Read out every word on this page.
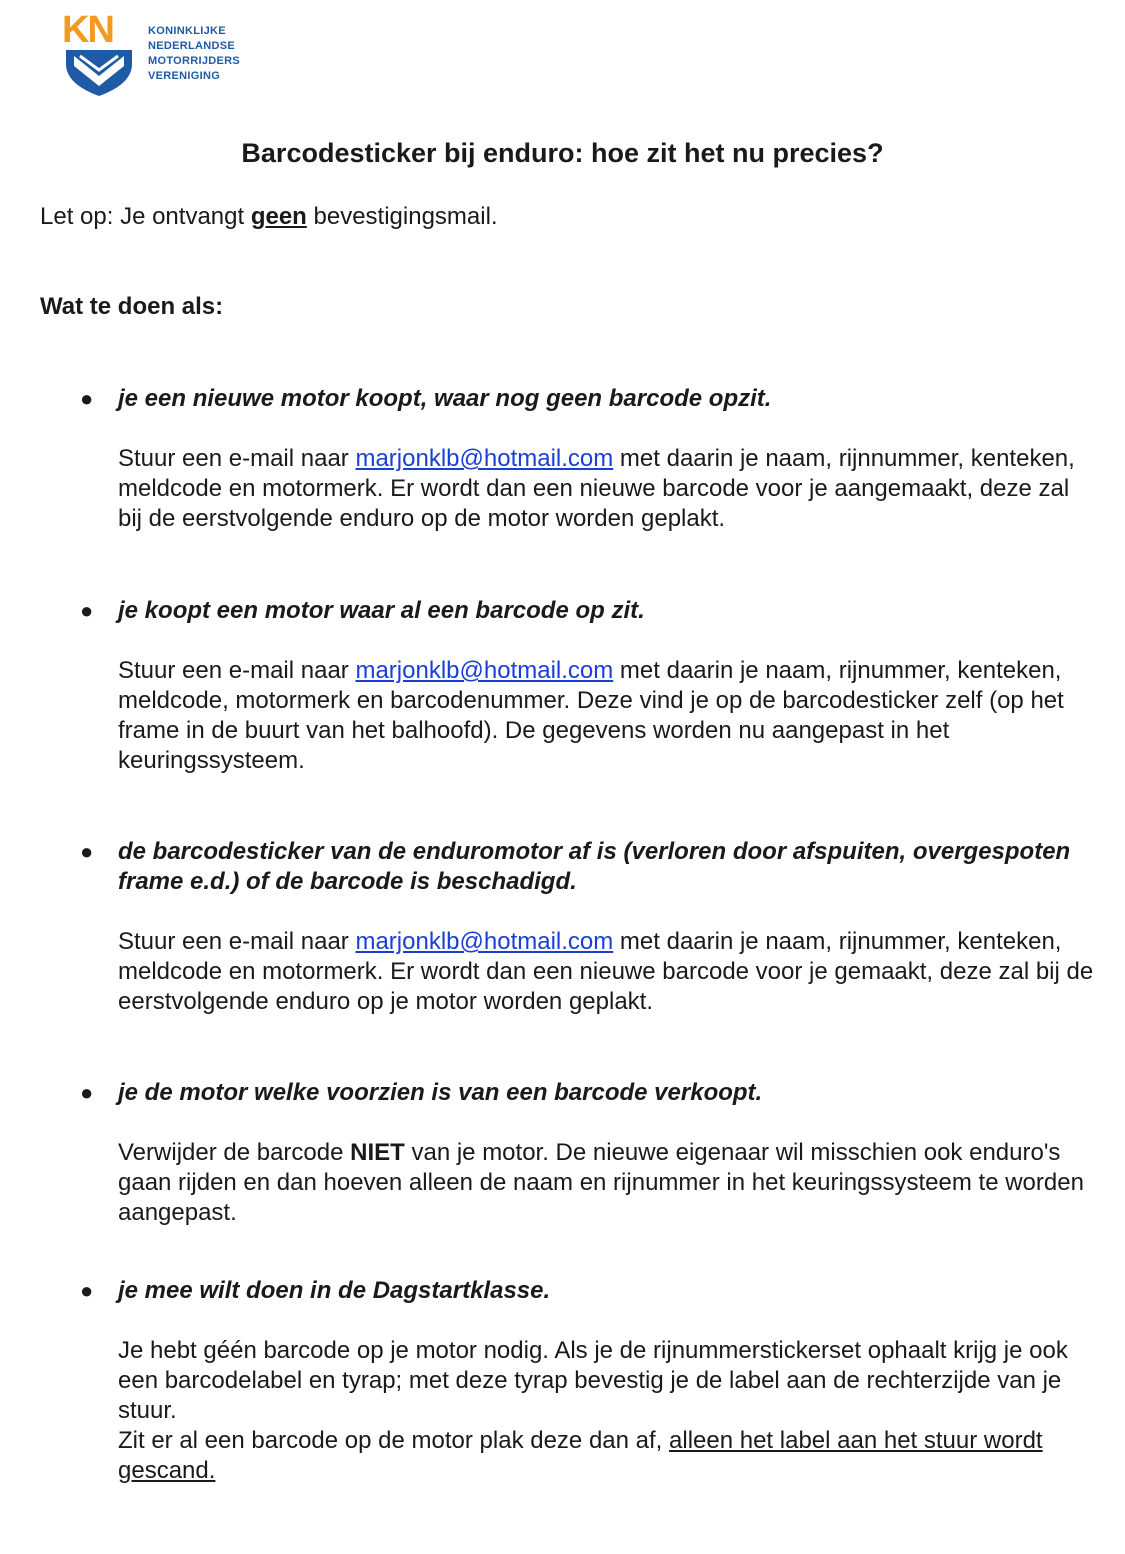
KN	KONINKLIJKE
NEDERLANDSE
MOTORRIJDERS
VERENIGING
Barcodesticker bij enduro: hoe zit het nu precies?
Let op: Je ontvangt geen bevestigingsmail.
Wat te doen als:
● je een nieuwe motor koopt, waar nog geen barcode opzit.

Stuur een e-mail naar marjonklb@hotmail.com met daarin je naam, rijnnummer, kenteken, meldcode en motormerk. Er wordt dan een nieuwe barcode voor je aangemaakt, deze zal bij de eerstvolgende enduro op de motor worden geplakt.

● je koopt een motor waar al een barcode op zit.

Stuur een e-mail naar marjonklb@hotmail.com met daarin je naam, rijnummer, kenteken, meldcode, motormerk en barcodenummer. Deze vind je op de barcodesticker zelf (op het frame in de buurt van het balhoofd). De gegevens worden nu aangepast in het keuringssysteem.

● de barcodesticker van de enduromotor af is (verloren door afspuiten, overgespoten frame e.d.) of de barcode is beschadigd.

Stuur een e-mail naar marjonklb@hotmail.com met daarin je naam, rijnummer, kenteken, meldcode en motormerk. Er wordt dan een nieuwe barcode voor je gemaakt, deze zal bij de eerstvolgende enduro op je motor worden geplakt.

● je de motor welke voorzien is van een barcode verkoopt.

Verwijder de barcode NIET van je motor. De nieuwe eigenaar wil misschien ook enduro's gaan rijden en dan hoeven alleen de naam en rijnummer in het keuringssysteem te worden aangepast.

● je mee wilt doen in de Dagstartklasse.

Je hebt géén barcode op je motor nodig. Als je de rijnummerstickerset ophaalt krijg je ook een barcodelabel en tyrap; met deze tyrap bevestig je de label aan de rechterzijde van je stuur.
Zit er al een barcode op de motor plak deze dan af, alleen het label aan het stuur wordt gescand.
